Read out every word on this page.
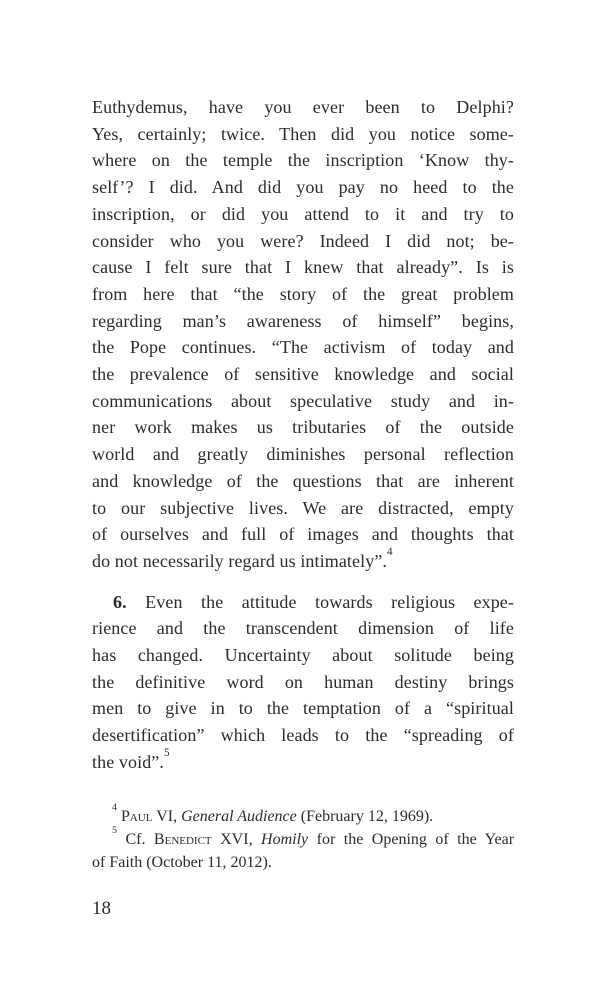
Euthydemus, have you ever been to Delphi?
Yes, certainly; twice. Then did you notice some-
where on the temple the inscription ‘Know thy-
self’? I did. And did you pay no heed to the
inscription, or did you attend to it and try to
consider who you were? Indeed I did not; be-
cause I felt sure that I knew that already”. Is is
from here that “the story of the great problem
regarding man’s awareness of himself” begins,
the Pope continues. “The activism of today and
the prevalence of sensitive knowledge and social
communications about speculative study and in-
ner work makes us tributaries of the outside
world and greatly diminishes personal reflection
and knowledge of the questions that are inherent
to our subjective lives. We are distracted, empty
of ourselves and full of images and thoughts that
do not necessarily regard us intimately”.$^4$
6. Even the attitude towards religious expe-
rience and the transcendent dimension of life
has changed. Uncertainty about solitude being
the definitive word on human destiny brings
men to give in to the temptation of a “spiritual
desertification” which leads to the “spreading of
the void”.$^5$
$^4$ Paul VI, General Audience (February 12, 1969).
$^5$ Cf. Benedict XVI, Homily for the Opening of the Year
of Faith (October 11, 2012).
18
